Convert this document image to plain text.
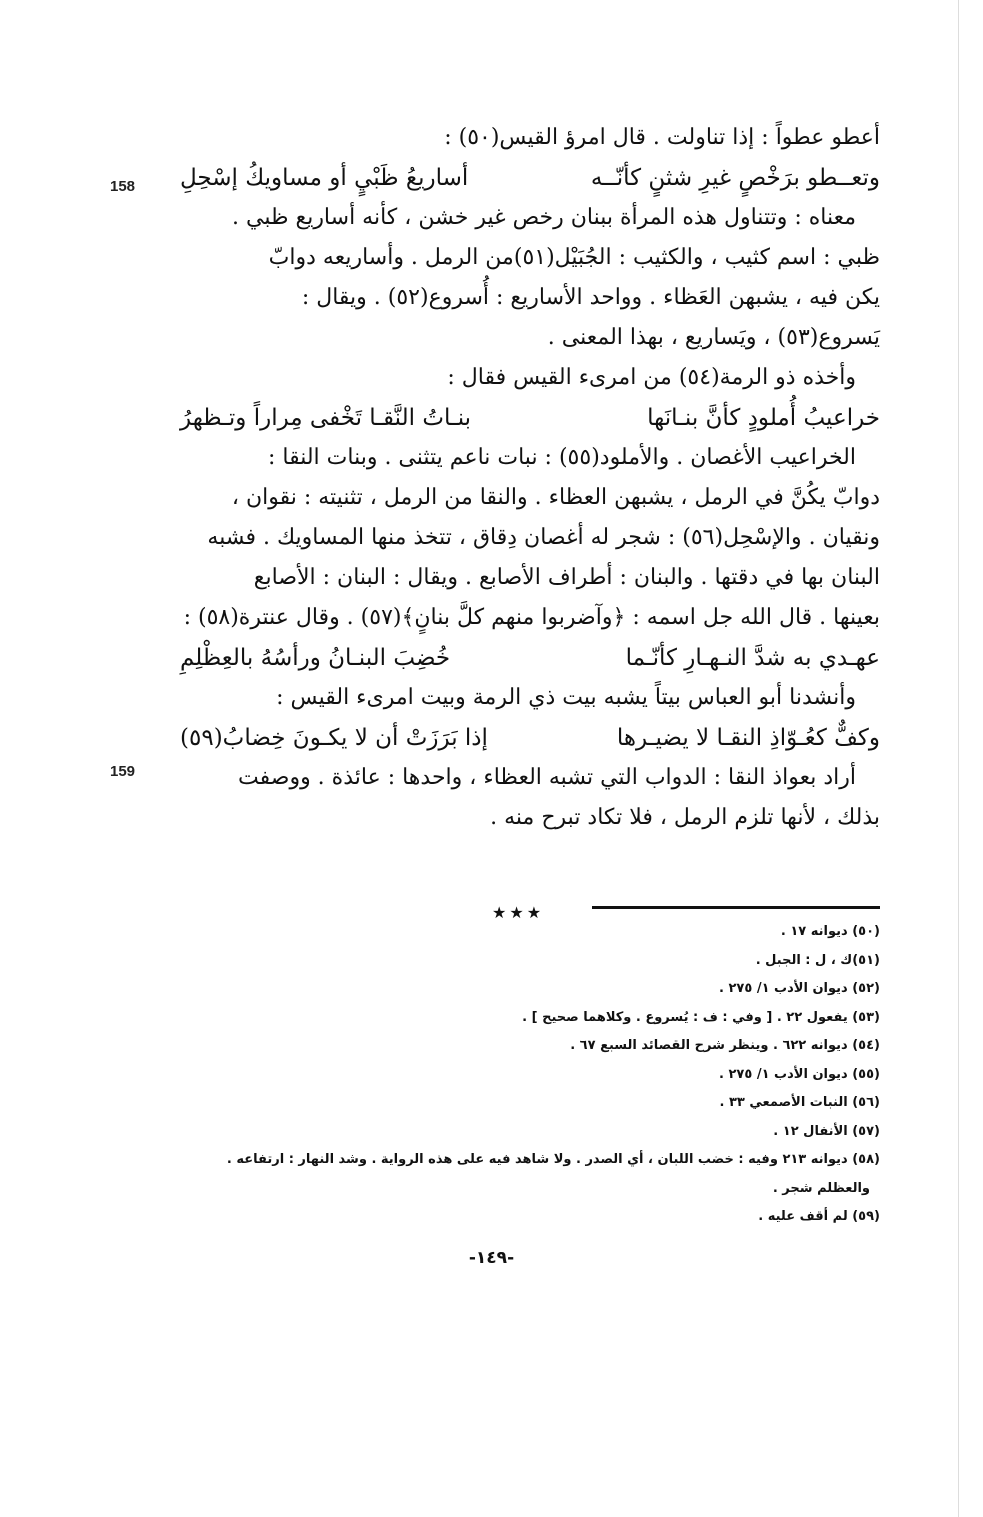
158
159
أعطو عطواً : إذا تناولت . قال امرؤ القيس(٥٠) :
وتعــطو برَخْصٍ غيرِ شثنٍ كأنّــه
أساريعُ ظَبْيٍ أو مساويكُ إسْحِلِ
معناه : وتتناول هذه المرأة ببنان رخص غير خشن ، كأنه أساريع ظبي .
ظبي : اسم كثيب ، والكثيب : الجُبَيْل(٥١)من الرمل . وأساريعه دوابّ
يكن فيه ، يشبهن العَظاء . وواحد الأساريع : أُسروع(٥٢) . ويقال :
يَسروع(٥٣) ، ويَساريع ، بهذا المعنى .
وأخذه ذو الرمة(٥٤) من امرىء القيس فقال :
خراعيبُ أُملودٍ كأنَّ بنـانَها
بنـاتُ النَّقـا تَخْفى مِراراً وتـظهرُ
الخراعيب الأغصان . والأملود(٥٥) : نبات ناعم يتثنى . وبنات النقا :
دوابّ يكُنَّ في الرمل ، يشبهن العظاء . والنقا من الرمل ، تثنيته : نقوان ،
ونقيان . والإسْحِل(٥٦) : شجر له أغصان دِقاق ، تتخذ منها المساويك . فشبه
البنان بها في دقتها . والبنان : أطراف الأصابع . ويقال : البنان : الأصابع
بعينها . قال الله جل اسمه : ﴿وآضربوا منهم كلَّ بنانٍ﴾(٥٧) . وقال عنترة(٥٨) :
عهـدي به شدَّ النـهـارِ كأنّـما
خُضِبَ البنـانُ ورأسُهُ بالعِظْلِمِ
وأنشدنا أبو العباس بيتاً يشبه بيت ذي الرمة وبيت امرىء القيس :
وكفٌّ كعُـوّاذِ النقـا لا يضيـرها
إذا بَرَزَتْ أن لا يكـونَ خِضابُ(٥٩)
أراد بعواذ النقا : الدواب التي تشبه العظاء ، واحدها : عائذة . ووصفت
بذلك ، لأنها تلزم الرمل ، فلا تكاد تبرح منه .
★★★
(٥٠) ديوانه ١٧ .
(٥١)ك ، ل : الجبل .
(٥٢) ديوان الأدب ١/ ٢٧٥ .
(٥٣) يفعول ٢٢ . [ وفي : ف : يُسروع . وكلاهما صحيح ] .
(٥٤) ديوانه ٦٢٢ . وينظر شرح القصائد السبع ٦٧ .
(٥٥) ديوان الأدب ١/ ٢٧٥ .
(٥٦) النبات الأصمعي ٣٣ .
(٥٧) الأنفال ١٢ .
(٥٨) ديوانه ٢١٣ وفيه : خضب اللبان ، أي الصدر . ولا شاهد فيه على هذه الرواية . وشد النهار : ارتفاعه .
والعظلم شجر .
(٥٩) لم أقف عليه .
-١٤٩-
